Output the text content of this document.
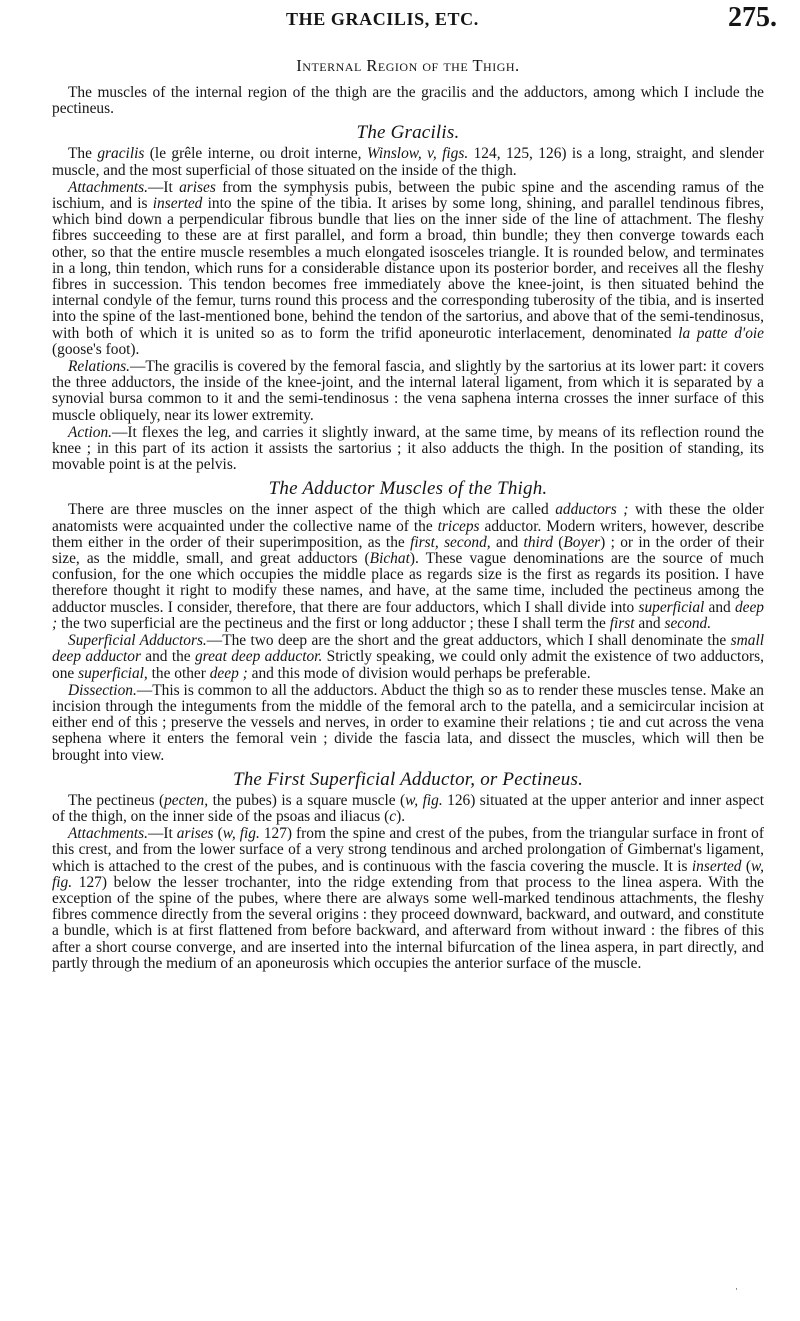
THE GRACILIS, ETC.	275.
Internal Region of the Thigh.

The muscles of the internal region of the thigh are the gracilis and the adductors, among which I include the pectineus.

The Gracilis.

The gracilis (le grêle interne, ou droit interne, Winslow, v, figs. 124, 125, 126) is a long, straight, and slender muscle, and the most superficial of those situated on the inside of the thigh.

Attachments.—It arises from the symphysis pubis, between the pubic spine and the ascending ramus of the ischium, and is inserted into the spine of the tibia. It arises by some long, shining, and parallel tendinous fibres, which bind down a perpendicular fibrous bundle that lies on the inner side of the line of attachment. The fleshy fibres succeeding to these are at first parallel, and form a broad, thin bundle; they then converge towards each other, so that the entire muscle resembles a much elongated isosceles triangle. It is rounded below, and terminates in a long, thin tendon, which runs for a considerable distance upon its posterior border, and receives all the fleshy fibres in succession. This tendon becomes free immediately above the knee-joint, is then situated behind the internal condyle of the femur, turns round this process and the corresponding tuberosity of the tibia, and is inserted into the spine of the last-mentioned bone, behind the tendon of the sartorius, and above that of the semi-tendinosus, with both of which it is united so as to form the trifid aponeurotic interlacement, denominated la patte d'oie (goose's foot).

Relations.—The gracilis is covered by the femoral fascia, and slightly by the sartorius at its lower part: it covers the three adductors, the inside of the knee-joint, and the internal lateral ligament, from which it is separated by a synovial bursa common to it and the semi-tendinosus : the vena saphena interna crosses the inner surface of this muscle obliquely, near its lower extremity.

Action.—It flexes the leg, and carries it slightly inward, at the same time, by means of its reflection round the knee ; in this part of its action it assists the sartorius ; it also adducts the thigh. In the position of standing, its movable point is at the pelvis.

The Adductor Muscles of the Thigh.

There are three muscles on the inner aspect of the thigh which are called adductors ; with these the older anatomists were acquainted under the collective name of the triceps adductor. Modern writers, however, describe them either in the order of their superimposition, as the first, second, and third (Boyer) ; or in the order of their size, as the middle, small, and great adductors (Bichat). These vague denominations are the source of much confusion, for the one which occupies the middle place as regards size is the first as regards its position. I have therefore thought it right to modify these names, and have, at the same time, included the pectineus among the adductor muscles. I consider, therefore, that there are four adductors, which I shall divide into superficial and deep ; the two superficial are the pectineus and the first or long adductor ; these I shall term the first and second.

Superficial Adductors.—The two deep are the short and the great adductors, which I shall denominate the small deep adductor and the great deep adductor. Strictly speaking, we could only admit the existence of two adductors, one superficial, the other deep ; and this mode of division would perhaps be preferable.

Dissection.—This is common to all the adductors. Abduct the thigh so as to render these muscles tense. Make an incision through the integuments from the middle of the femoral arch to the patella, and a semicircular incision at either end of this ; preserve the vessels and nerves, in order to examine their relations ; tie and cut across the vena sephena where it enters the femoral vein ; divide the fascia lata, and dissect the muscles, which will then be brought into view.

The First Superficial Adductor, or Pectineus.

The pectineus (pecten, the pubes) is a square muscle (w, fig. 126) situated at the upper anterior and inner aspect of the thigh, on the inner side of the psoas and iliacus (c).

Attachments.—It arises (w, fig. 127) from the spine and crest of the pubes, from the triangular surface in front of this crest, and from the lower surface of a very strong tendinous and arched prolongation of Gimbernat's ligament, which is attached to the crest of the pubes, and is continuous with the fascia covering the muscle. It is inserted (w, fig. 127) below the lesser trochanter, into the ridge extending from that process to the linea aspera. With the exception of the spine of the pubes, where there are always some well-marked tendinous attachments, the fleshy fibres commence directly from the several origins : they proceed downward, backward, and outward, and constitute a bundle, which is at first flattened from before backward, and afterward from without inward : the fibres of this after a short course converge, and are inserted into the internal bifurcation of the linea aspera, in part directly, and partly through the medium of an aponeurosis which occupies the anterior surface of the muscle.

·
